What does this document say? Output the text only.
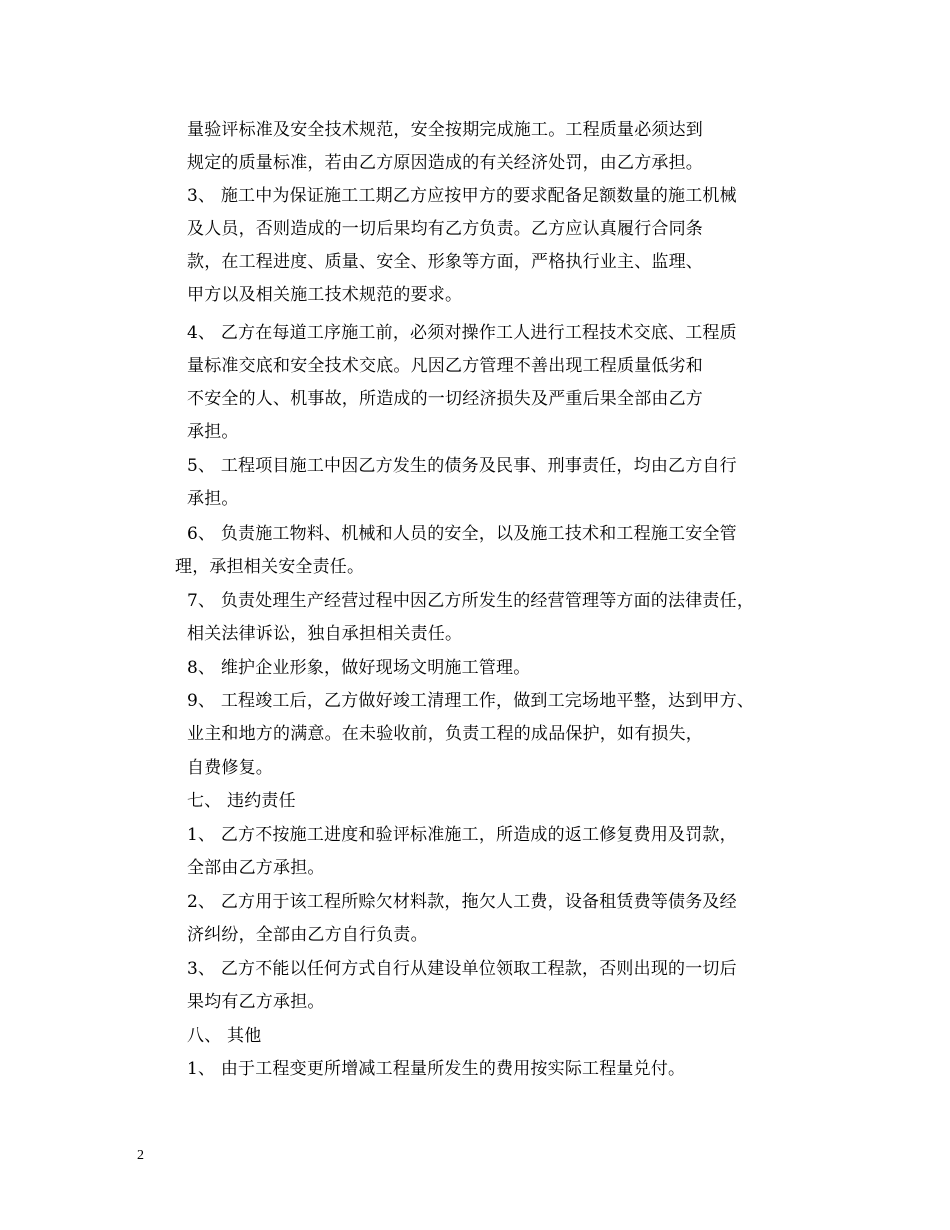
量验评标准及安全技术规范，安全按期完成施工。工程质量必须达到
规定的质量标准，若由乙方原因造成的有关经济处罚，由乙方承担。
3、 施工中为保证施工工期乙方应按甲方的要求配备足额数量的施工机械
及人员，否则造成的一切后果均有乙方负责。乙方应认真履行合同条
款，在工程进度、质量、安全、形象等方面，严格执行业主、监理、
甲方以及相关施工技术规范的要求。
4、 乙方在每道工序施工前，必须对操作工人进行工程技术交底、工程质
量标准交底和安全技术交底。凡因乙方管理不善出现工程质量低劣和
不安全的人、机事故，所造成的一切经济损失及严重后果全部由乙方
承担。
5、 工程项目施工中因乙方发生的债务及民事、刑事责任，均由乙方自行
承担。
6、 负责施工物料、机械和人员的安全，以及施工技术和工程施工安全管
理，承担相关安全责任。
7、 负责处理生产经营过程中因乙方所发生的经营管理等方面的法律责任，
相关法律诉讼，独自承担相关责任。
8、 维护企业形象，做好现场文明施工管理。
9、 工程竣工后，乙方做好竣工清理工作，做到工完场地平整，达到甲方、
业主和地方的满意。在未验收前，负责工程的成品保护，如有损失，
自费修复。
七、 违约责任
1、 乙方不按施工进度和验评标准施工，所造成的返工修复费用及罚款，
全部由乙方承担。
2、 乙方用于该工程所赊欠材料款，拖欠人工费，设备租赁费等债务及经
济纠纷，全部由乙方自行负责。
3、 乙方不能以任何方式自行从建设单位领取工程款，否则出现的一切后
果均有乙方承担。
八、 其他
1、 由于工程变更所增减工程量所发生的费用按实际工程量兑付。
2
